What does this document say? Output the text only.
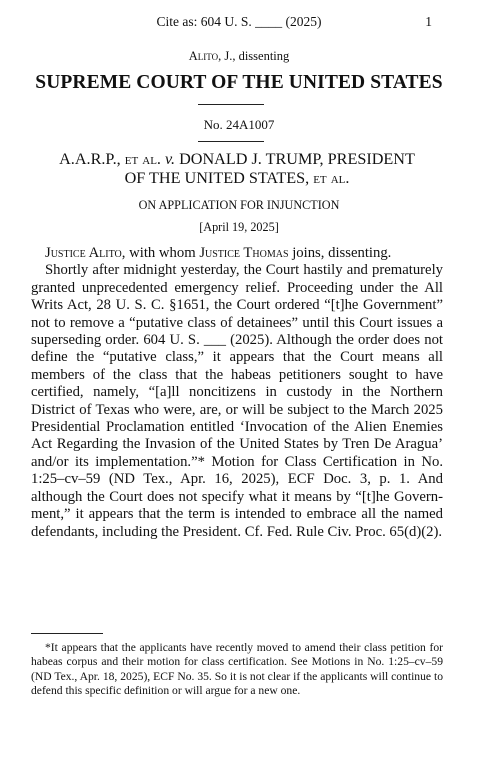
Cite as: 604 U. S. ____ (2025)	1
Alito, J., dissenting
SUPREME COURT OF THE UNITED STATES
No. 24A1007
A.A.R.P., et al. v. DONALD J. TRUMP, PRESIDENT
OF THE UNITED STATES, et al.
ON APPLICATION FOR INJUNCTION
[April 19, 2025]

Justice Alito, with whom Justice Thomas joins, dissenting.

Shortly after midnight yesterday, the Court hastily and prematurely granted unprecedented emergency relief. Proceeding under the All Writs Act, 28 U. S. C. §1651, the Court ordered “[t]he Government” not to remove a “putative class of detainees” until this Court issues a superseding order. 604 U. S. ___ (2025). Although the order does not define the “putative class,” it appears that the Court means all members of the class that the habeas petitioners sought to have certified, namely, “[a]ll noncitizens in custody in the Northern District of Texas who were, are, or will be subject to the March 2025 Presidential Proclamation entitled ‘Invocation of the Alien Enemies Act Regarding the Invasion of the United States by Tren De Aragua’ and/or its implementation.”* Motion for Class Certification in No. 1:25–cv–59 (ND Tex., Apr. 16, 2025), ECF Doc. 3, p. 1. And although the Court does not specify what it means by “[t]he Government,” it appears that the term is intended to embrace all the named defendants, including the President. Cf. Fed. Rule Civ. Proc. 65(d)(2).

*It appears that the applicants have recently moved to amend their class petition for habeas corpus and their motion for class certification. See Motions in No. 1:25–cv–59 (ND Tex., Apr. 18, 2025), ECF No. 35. So it is not clear if the applicants will continue to defend this specific definition or will argue for a new one.
